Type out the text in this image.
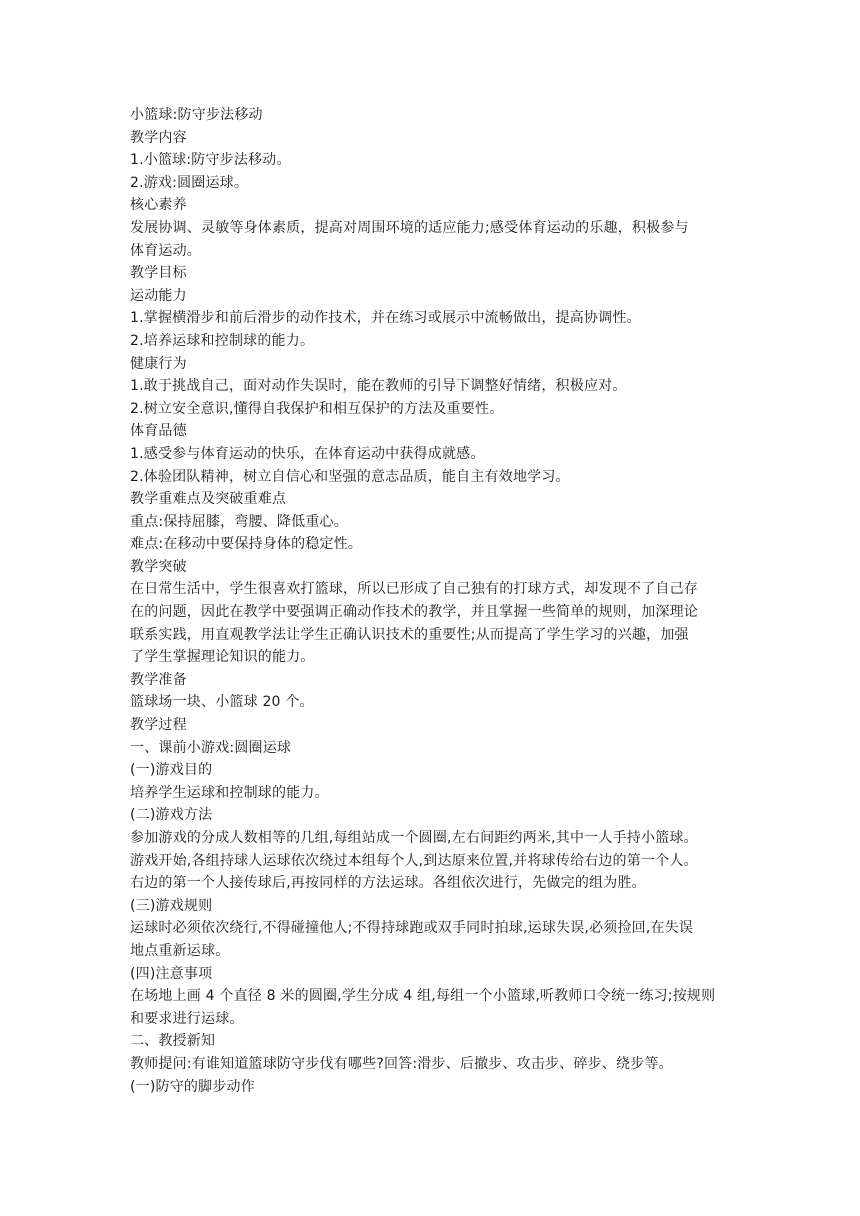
小篮球:防守步法移动
教学内容
1.小篮球:防守步法移动。
2.游戏:圆圈运球。
核心素养
发展协调、灵敏等身体素质，提高对周围环境的适应能力;感受体育运动的乐趣，积极参与
体育运动。
教学目标
运动能力
1.掌握横滑步和前后滑步的动作技术，并在练习或展示中流畅做出，提高协调性。
2.培养运球和控制球的能力。
健康行为
1.敢于挑战自己，面对动作失误时，能在教师的引导下调整好情绪，积极应对。
2.树立安全意识,懂得自我保护和相互保护的方法及重要性。
体育品德
1.感受参与体育运动的快乐，在体育运动中获得成就感。
2.体验团队精神，树立自信心和坚强的意志品质，能自主有效地学习。
教学重难点及突破重难点
重点:保持屈膝，弯腰、降低重心。
难点:在移动中要保持身体的稳定性。
教学突破
在日常生活中，学生很喜欢打篮球，所以已形成了自己独有的打球方式，却发现不了自己存
在的问题，因此在教学中要强调正确动作技术的教学，并且掌握一些简单的规则，加深理论
联系实践，用直观教学法让学生正确认识技术的重要性;从而提高了学生学习的兴趣，加强
了学生掌握理论知识的能力。
教学准备
篮球场一块、小篮球 20 个。
教学过程
一、课前小游戏:圆圈运球
(一)游戏目的
培养学生运球和控制球的能力。
(二)游戏方法
参加游戏的分成人数相等的几组,每组站成一个圆圈,左右间距约两米,其中一人手持小篮球。
游戏开始,各组持球人运球依次绕过本组每个人,到达原来位置,并将球传给右边的第一个人。
右边的第一个人接传球后,再按同样的方法运球。各组依次进行，先做完的组为胜。
(三)游戏规则
运球时必须依次绕行,不得碰撞他人;不得持球跑或双手同时拍球,运球失误,必须捡回,在失误
地点重新运球。
(四)注意事项
在场地上画 4 个直径 8 米的圆圈,学生分成 4 组,每组一个小篮球,听教师口令统一练习;按规则
和要求进行运球。
二、教授新知
教师提问:有谁知道篮球防守步伐有哪些?回答:滑步、后撤步、攻击步、碎步、绕步等。
(一)防守的脚步动作
